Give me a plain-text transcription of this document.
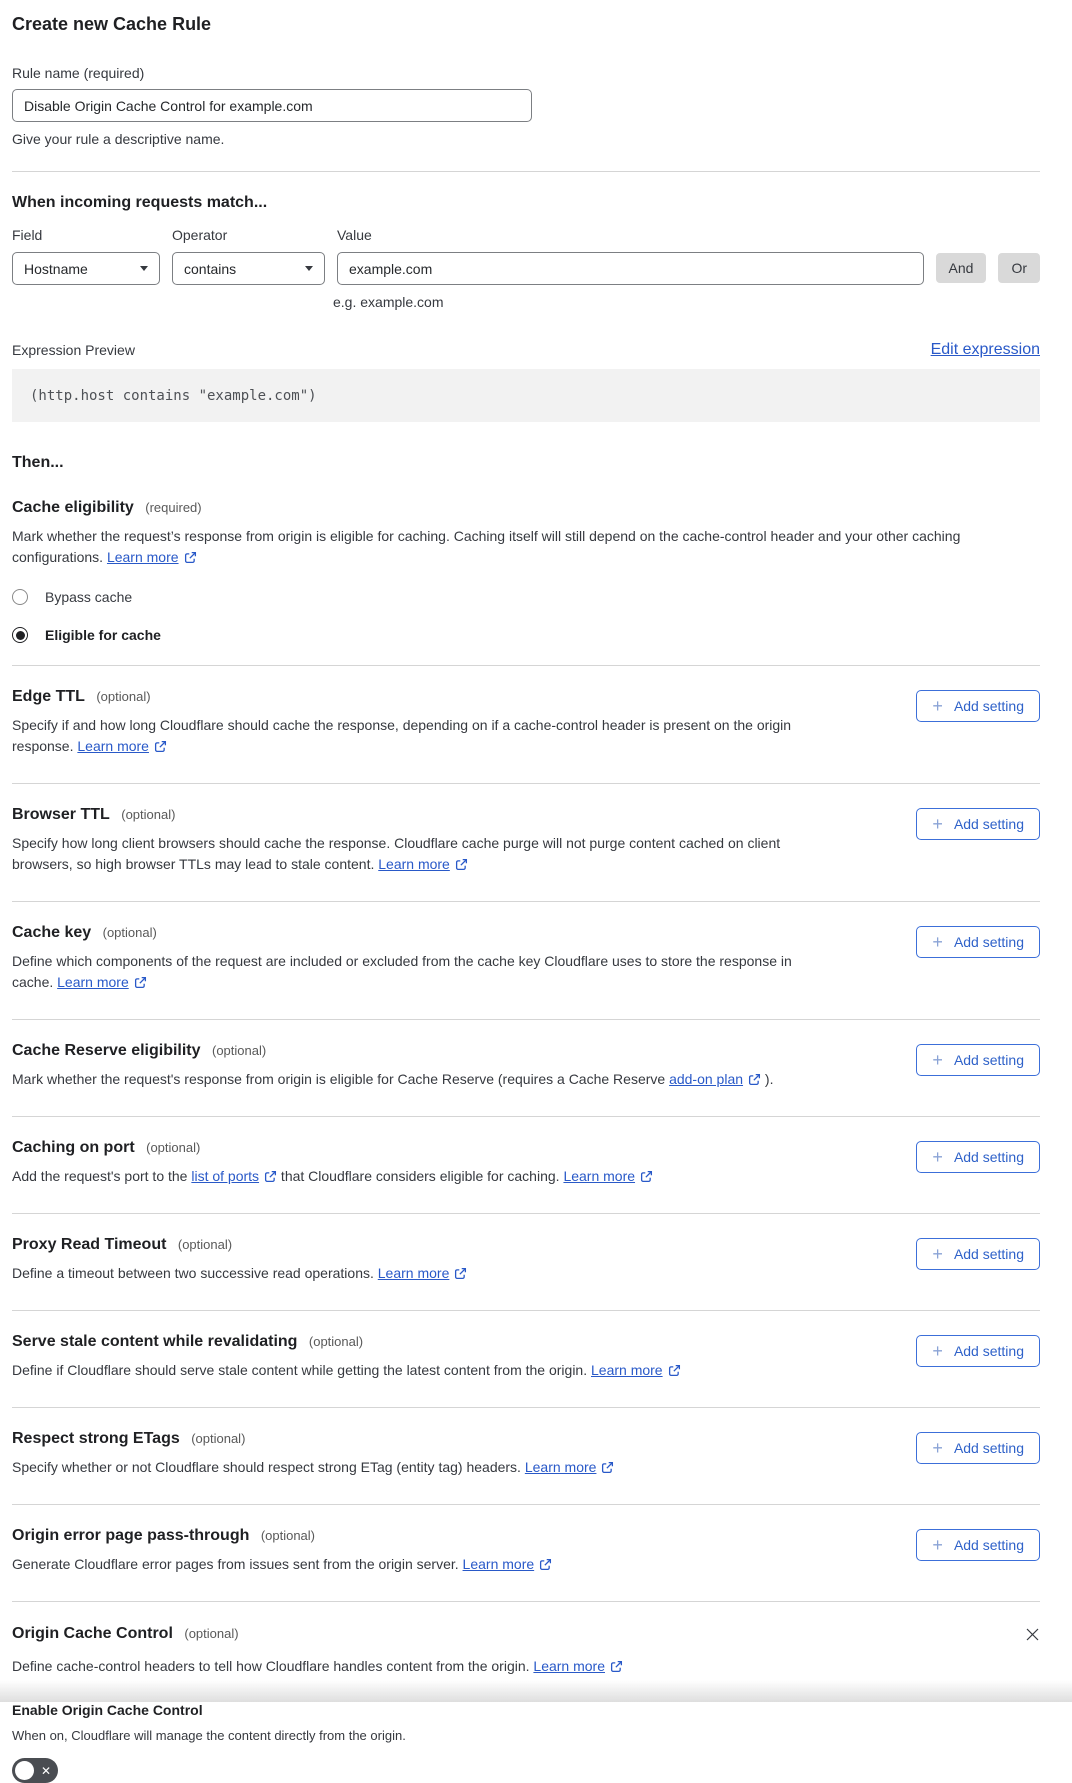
Create new Cache Rule
Rule name (required)
Disable Origin Cache Control for example.com
Give your rule a descriptive name.
When incoming requests match...
Field
Hostname
Operator
contains
Value
example.com
And	Or
e.g. example.com
Expression Preview	Edit expression
(http.host contains "example.com")
Then...
Cache eligibility (required)
Mark whether the request’s response from origin is eligible for caching. Caching itself will still depend on the cache-control header and your other caching configurations. Learn more
Bypass cache
Eligible for cache
Edge TTL (optional)
Specify if and how long Cloudflare should cache the response, depending on if a cache-control header is present on the origin response. Learn more
+ Add setting
Browser TTL (optional)
Specify how long client browsers should cache the response. Cloudflare cache purge will not purge content cached on client browsers, so high browser TTLs may lead to stale content. Learn more
+ Add setting
Cache key (optional)
Define which components of the request are included or excluded from the cache key Cloudflare uses to store the response in cache. Learn more
+ Add setting
Cache Reserve eligibility (optional)
Mark whether the request's response from origin is eligible for Cache Reserve (requires a Cache Reserve add-on plan
).
+ Add setting
Caching on port (optional)
Add the request's port to the list of ports
that Cloudflare considers eligible for caching. Learn more
+ Add setting
Proxy Read Timeout (optional)
Define a timeout between two successive read operations. Learn more
+ Add setting
Serve stale content while revalidating (optional)
Define if Cloudflare should serve stale content while getting the latest content from the origin. Learn more
+ Add setting
Respect strong ETags (optional)
Specify whether or not Cloudflare should respect strong ETag (entity tag) headers. Learn more
+ Add setting
Origin error page pass-through (optional)
Generate Cloudflare error pages from issues sent from the origin server. Learn more
+ Add setting
Origin Cache Control (optional)
Define cache-control headers to tell how Cloudflare handles content from the origin. Learn more
Enable Origin Cache Control
When on, Cloudflare will manage the content directly from the origin.
✕
